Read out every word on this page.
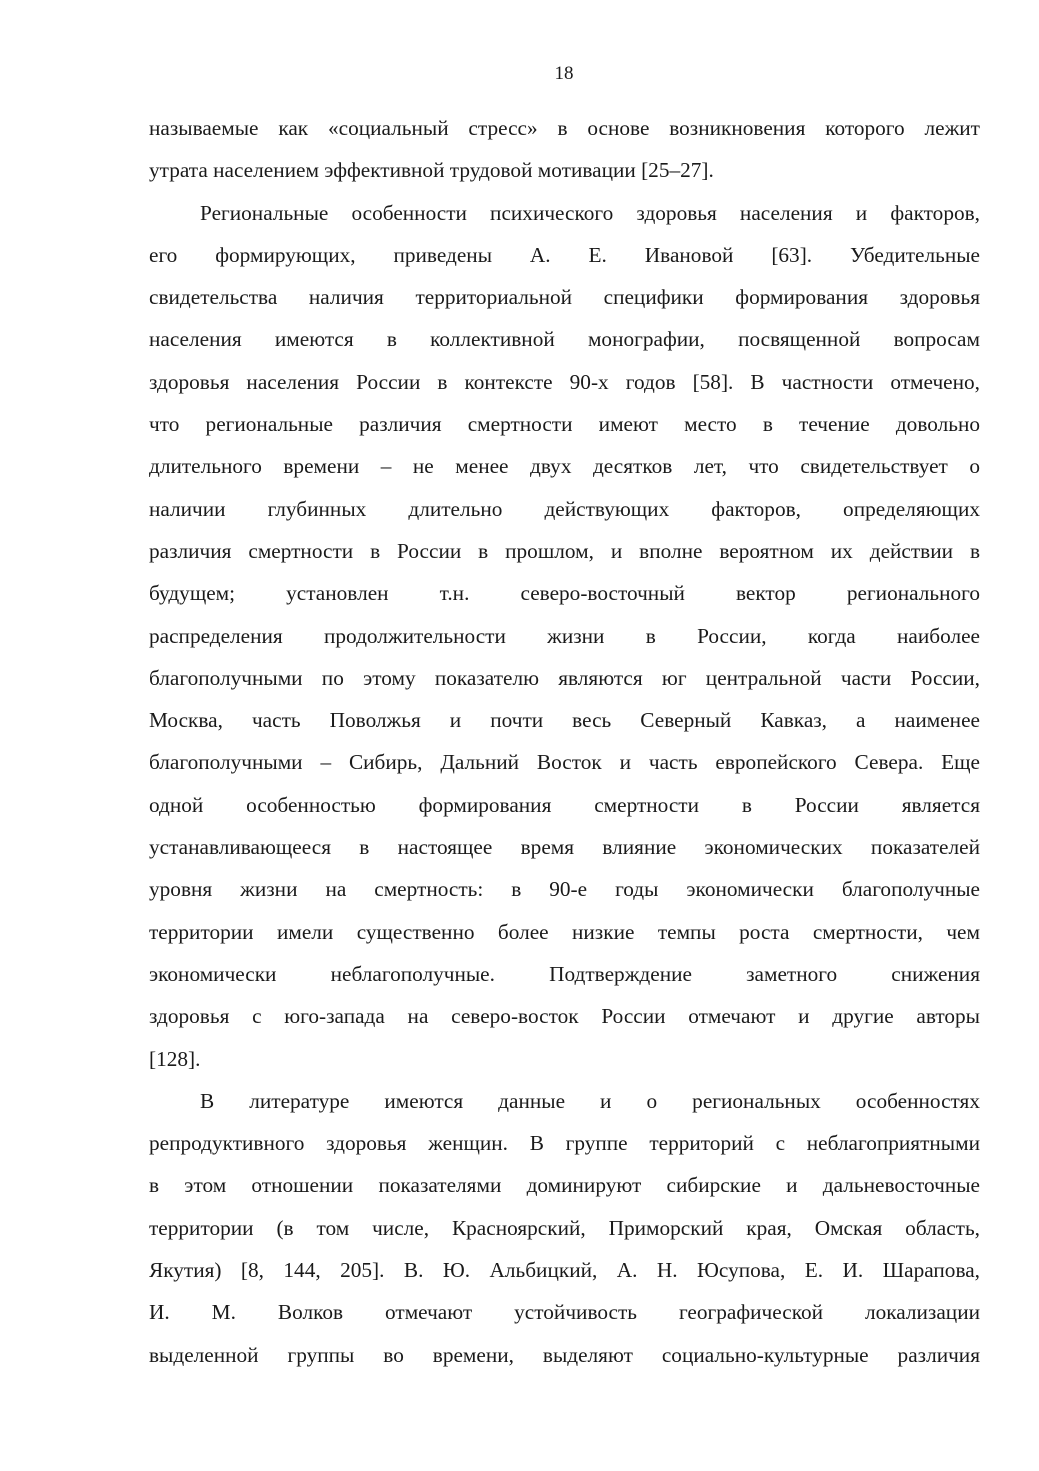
18
называемые как «социальный стресс» в основе возникновения которого лежит
утрата населением эффективной трудовой мотивации [25–27].
Региональные особенности психического здоровья населения и факторов,
его формирующих, приведены А. Е. Ивановой [63]. Убедительные
свидетельства наличия территориальной специфики формирования здоровья
населения имеются в коллективной монографии, посвященной вопросам
здоровья населения России в контексте 90-х годов [58]. В частности отмечено,
что региональные различия смертности имеют место в течение довольно
длительного времени – не менее двух десятков лет, что свидетельствует о
наличии глубинных длительно действующих факторов, определяющих
различия смертности в России в прошлом, и вполне вероятном их действии в
будущем; установлен т.н. северо-восточный вектор регионального
распределения продолжительности жизни в России, когда наиболее
благополучными по этому показателю являются юг центральной части России,
Москва, часть Поволжья и почти весь Северный Кавказ, а наименее
благополучными – Сибирь, Дальний Восток и часть европейского Севера. Еще
одной особенностью формирования смертности в России является
устанавливающееся в настоящее время влияние экономических показателей
уровня жизни на смертность: в 90-е годы экономически благополучные
территории имели существенно более низкие темпы роста смертности, чем
экономически неблагополучные. Подтверждение заметного снижения
здоровья с юго-запада на северо-восток России отмечают и другие авторы
[128].
В литературе имеются данные и о региональных особенностях
репродуктивного здоровья женщин. В группе территорий с неблагоприятными
в этом отношении показателями доминируют сибирские и дальневосточные
территории (в том числе, Красноярский, Приморский края, Омская область,
Якутия) [8, 144, 205]. В. Ю. Альбицкий, А. Н. Юсупова, Е. И. Шарапова,
И. М. Волков отмечают устойчивость географической локализации
выделенной группы во времени, выделяют социально-культурные различия
